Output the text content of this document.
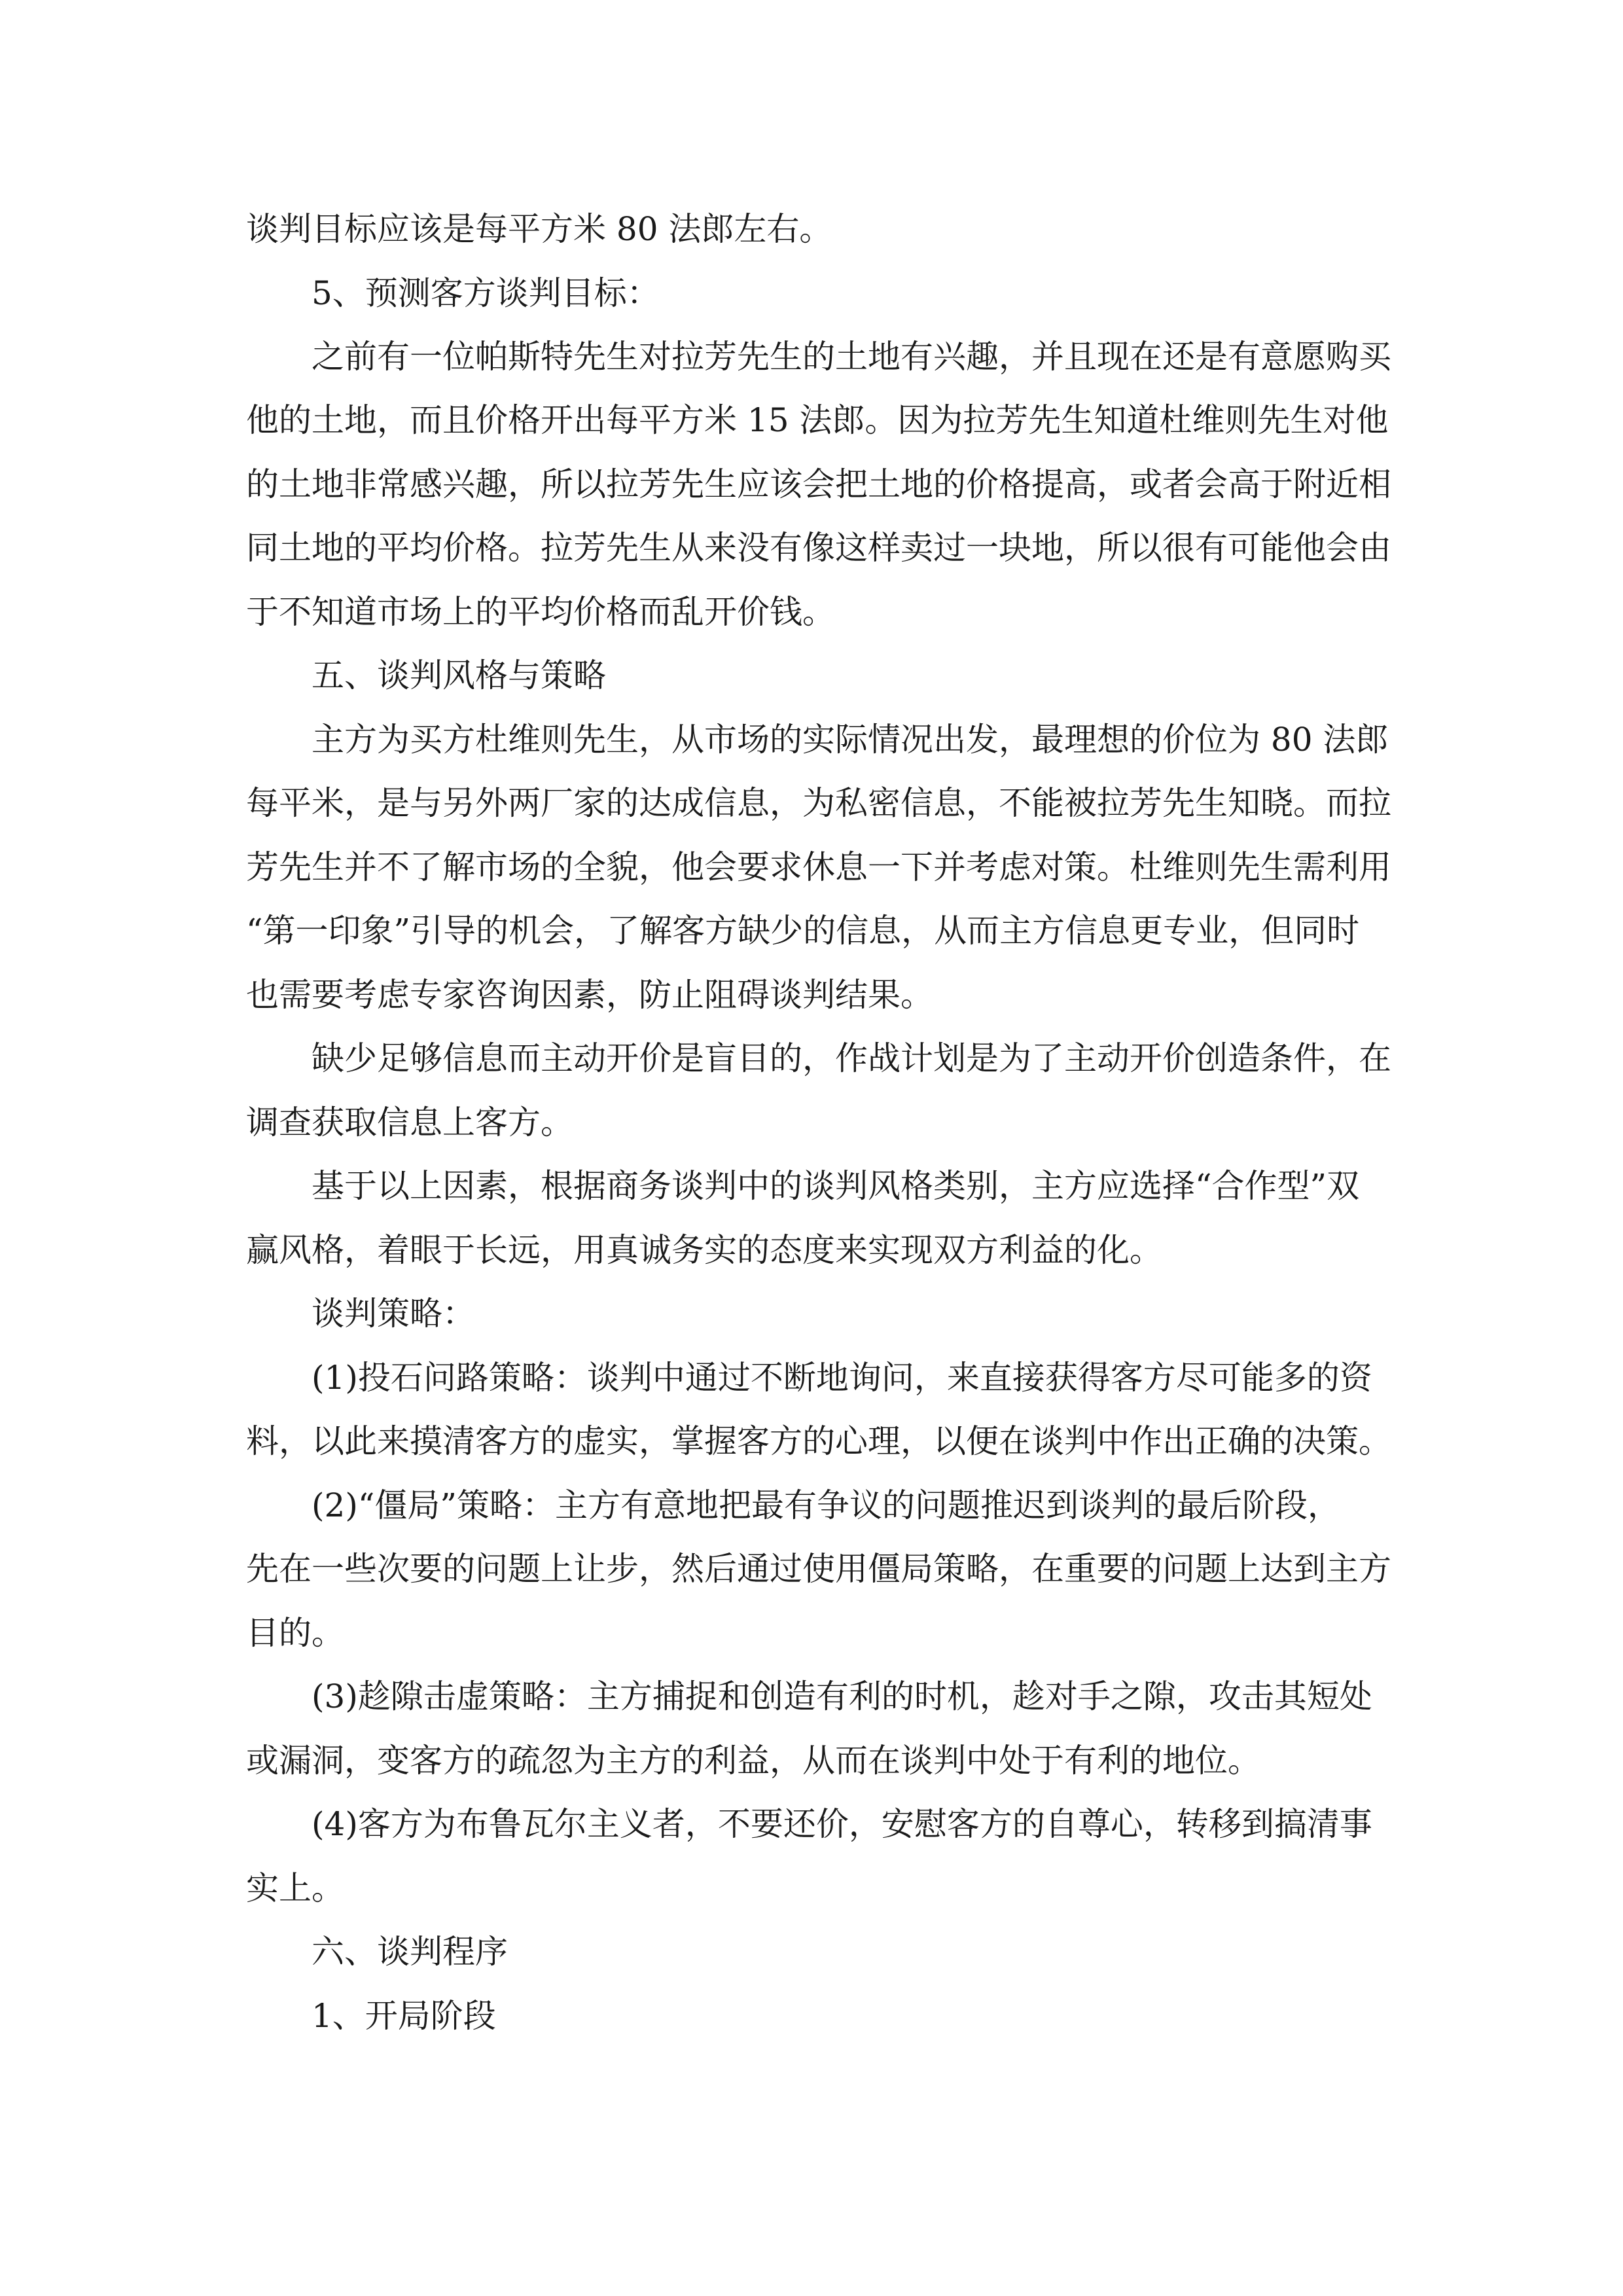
谈判目标应该是每平方米 80 法郎左右。
5、预测客方谈判目标：
之前有一位帕斯特先生对拉芳先生的土地有兴趣，并且现在还是有意愿购买
他的土地，而且价格开出每平方米 15 法郎。因为拉芳先生知道杜维则先生对他
的土地非常感兴趣，所以拉芳先生应该会把土地的价格提高，或者会高于附近相
同土地的平均价格。拉芳先生从来没有像这样卖过一块地，所以很有可能他会由
于不知道市场上的平均价格而乱开价钱。
五、谈判风格与策略
主方为买方杜维则先生，从市场的实际情况出发，最理想的价位为 80 法郎
每平米，是与另外两厂家的达成信息，为私密信息，不能被拉芳先生知晓。而拉
芳先生并不了解市场的全貌，他会要求休息一下并考虑对策。杜维则先生需利用
“第一印象”引导的机会，了解客方缺少的信息，从而主方信息更专业，但同时
也需要考虑专家咨询因素，防止阻碍谈判结果。
缺少足够信息而主动开价是盲目的，作战计划是为了主动开价创造条件，在
调查获取信息上客方。
基于以上因素，根据商务谈判中的谈判风格类别，主方应选择“合作型”双
赢风格，着眼于长远，用真诚务实的态度来实现双方利益的化。
谈判策略：
(1)投石问路策略：谈判中通过不断地询问，来直接获得客方尽可能多的资
料，以此来摸清客方的虚实，掌握客方的心理，以便在谈判中作出正确的决策。
(2)“僵局”策略：主方有意地把最有争议的问题推迟到谈判的最后阶段，
先在一些次要的问题上让步，然后通过使用僵局策略，在重要的问题上达到主方
目的。
(3)趁隙击虚策略：主方捕捉和创造有利的时机，趁对手之隙，攻击其短处
或漏洞，变客方的疏忽为主方的利益，从而在谈判中处于有利的地位。
(4)客方为布鲁瓦尔主义者，不要还价，安慰客方的自尊心，转移到搞清事
实上。
六、谈判程序
1、开局阶段
